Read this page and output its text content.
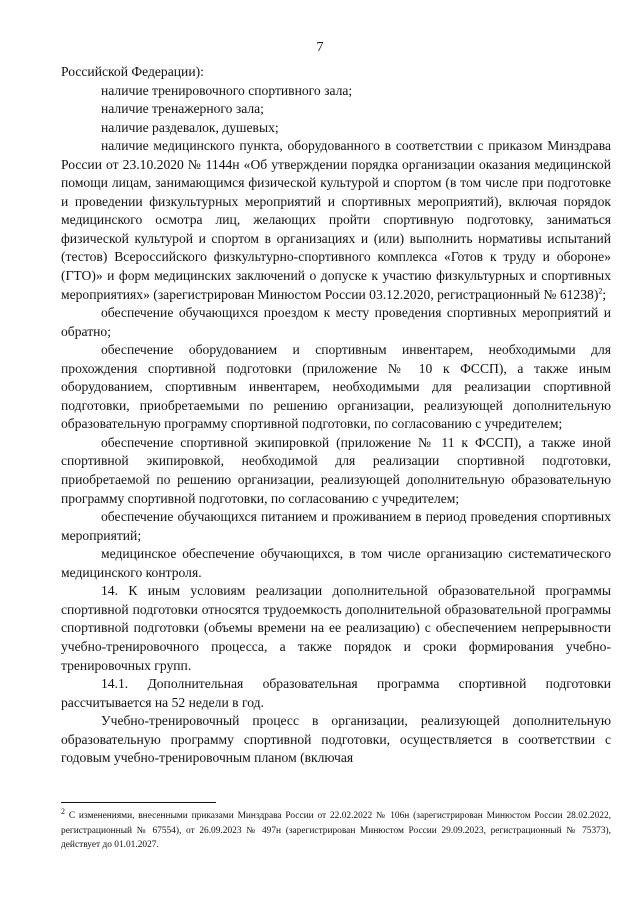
7

Российской Федерации):

наличие тренировочного спортивного зала;

наличие тренажерного зала;

наличие раздевалок, душевых;

наличие медицинского пункта, оборудованного в соответствии с приказом Минздрава России от 23.10.2020 № 1144н «Об утверждении порядка организации оказания медицинской помощи лицам, занимающимся физической культурой и спортом (в том числе при подготовке и проведении физкультурных мероприятий и спортивных мероприятий), включая порядок медицинского осмотра лиц, желающих пройти спортивную подготовку, заниматься физической культурой и спортом в организациях и (или) выполнить нормативы испытаний (тестов) Всероссийского физкультурно-спортивного комплекса «Готов к труду и обороне» (ГТО)» и форм медицинских заключений о допуске к участию физкультурных и спортивных мероприятиях» (зарегистрирован Минюстом России 03.12.2020, регистрационный № 61238)$^2$;

обеспечение обучающихся проездом к месту проведения спортивных мероприятий и обратно;

обеспечение оборудованием и спортивным инвентарем, необходимыми для прохождения спортивной подготовки (приложение № 10 к ФССП), а также иным оборудованием, спортивным инвентарем, необходимыми для реализации спортивной подготовки, приобретаемыми по решению организации, реализующей дополнительную образовательную программу спортивной подготовки, по согласованию с учредителем;

обеспечение спортивной экипировкой (приложение № 11 к ФССП), а также иной спортивной экипировкой, необходимой для реализации спортивной подготовки, приобретаемой по решению организации, реализующей дополнительную образовательную программу спортивной подготовки, по согласованию с учредителем;

обеспечение обучающихся питанием и проживанием в период проведения спортивных мероприятий;

медицинское обеспечение обучающихся, в том числе организацию систематического медицинского контроля.

14. К иным условиям реализации дополнительной образовательной программы спортивной подготовки относятся трудоемкость дополнительной образовательной программы спортивной подготовки (объемы времени на ее реализацию) с обеспечением непрерывности учебно-тренировочного процесса, а также порядок и сроки формирования учебно-тренировочных групп.

14.1. Дополнительная образовательная программа спортивной подготовки рассчитывается на 52 недели в год.

Учебно-тренировочный процесс в организации, реализующей дополнительную образовательную программу спортивной подготовки, осуществляется в соответствии с годовым учебно-тренировочным планом (включая

$^2$ С изменениями, внесенными приказами Минздрава России от 22.02.2022 № 106н (зарегистрирован Минюстом России 28.02.2022, регистрационный № 67554), от 26.09.2023 № 497н (зарегистрирован Минюстом России 29.09.2023, регистрационный № 75373), действует до 01.01.2027.
